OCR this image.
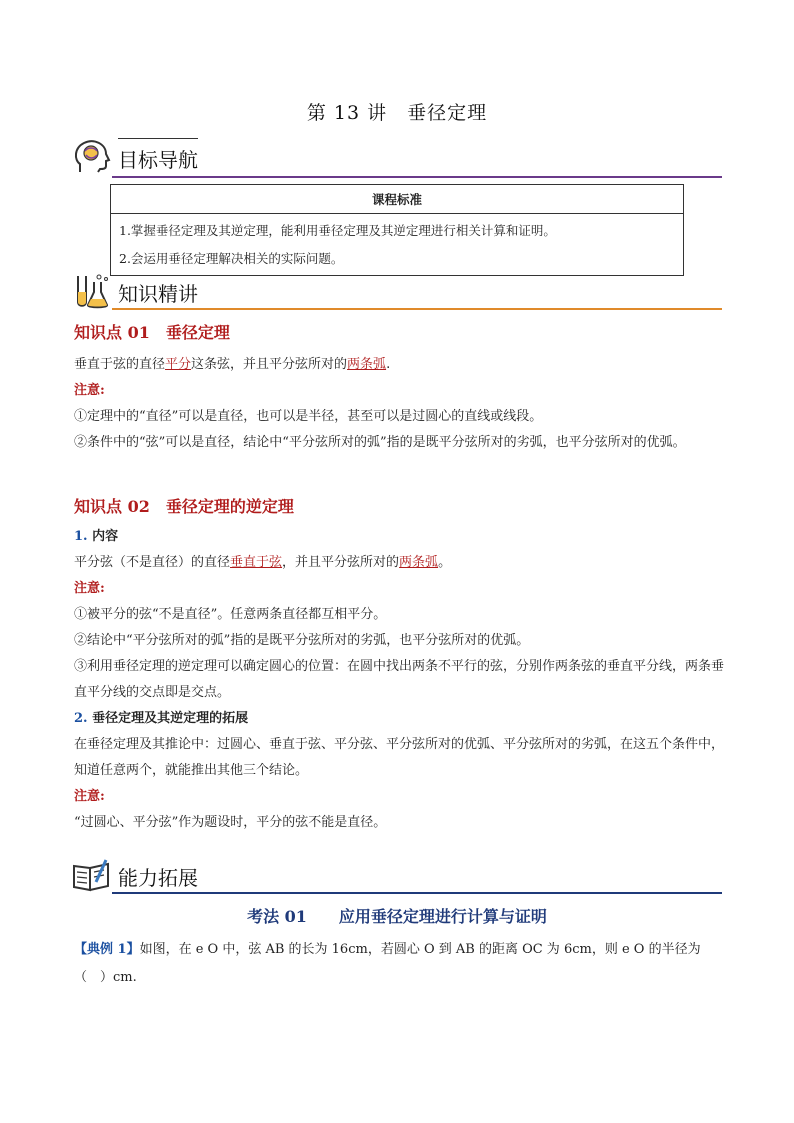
第 13 讲　垂径定理
目标导航
课程标准

1.掌握垂径定理及其逆定理，能利用垂径定理及其逆定理进行相关计算和证明。
2.会运用垂径定理解决相关的实际问题。
知识精讲
知识点 01　垂径定理
垂直于弦的直径平分这条弦，并且平分弦所对的两条弧.
注意:
①定理中的“直径”可以是直径，也可以是半径，甚至可以是过圆心的直线或线段。
②条件中的“弦”可以是直径，结论中“平分弦所对的弧”指的是既平分弦所对的劣弧，也平分弦所对的优弧。
知识点 02　垂径定理的逆定理
1. 内容
平分弦（不是直径）的直径垂直于弦，并且平分弦所对的两条弧。
注意:
①被平分的弦“不是直径”。任意两条直径都互相平分。
②结论中“平分弦所对的弧”指的是既平分弦所对的劣弧，也平分弦所对的优弧。
③利用垂径定理的逆定理可以确定圆心的位置：在圆中找出两条不平行的弦，分别作两条弦的垂直平分线，两条垂直平分线的交点即是交点。
2. 垂径定理及其逆定理的拓展
在垂径定理及其推论中：过圆心、垂直于弦、平分弦、平分弦所对的优弧、平分弦所对的劣弧，在这五个条件中，知道任意两个，就能推出其他三个结论。
注意:
“过圆心、平分弦”作为题设时，平分的弦不能是直径。
能力拓展
考法 01　　应用垂径定理进行计算与证明
【典例 1】如图，在 e O 中，弦 AB 的长为 16cm，若圆心 O 到 AB 的距离 OC 为 6cm，则 e O 的半径为（　）cm.
